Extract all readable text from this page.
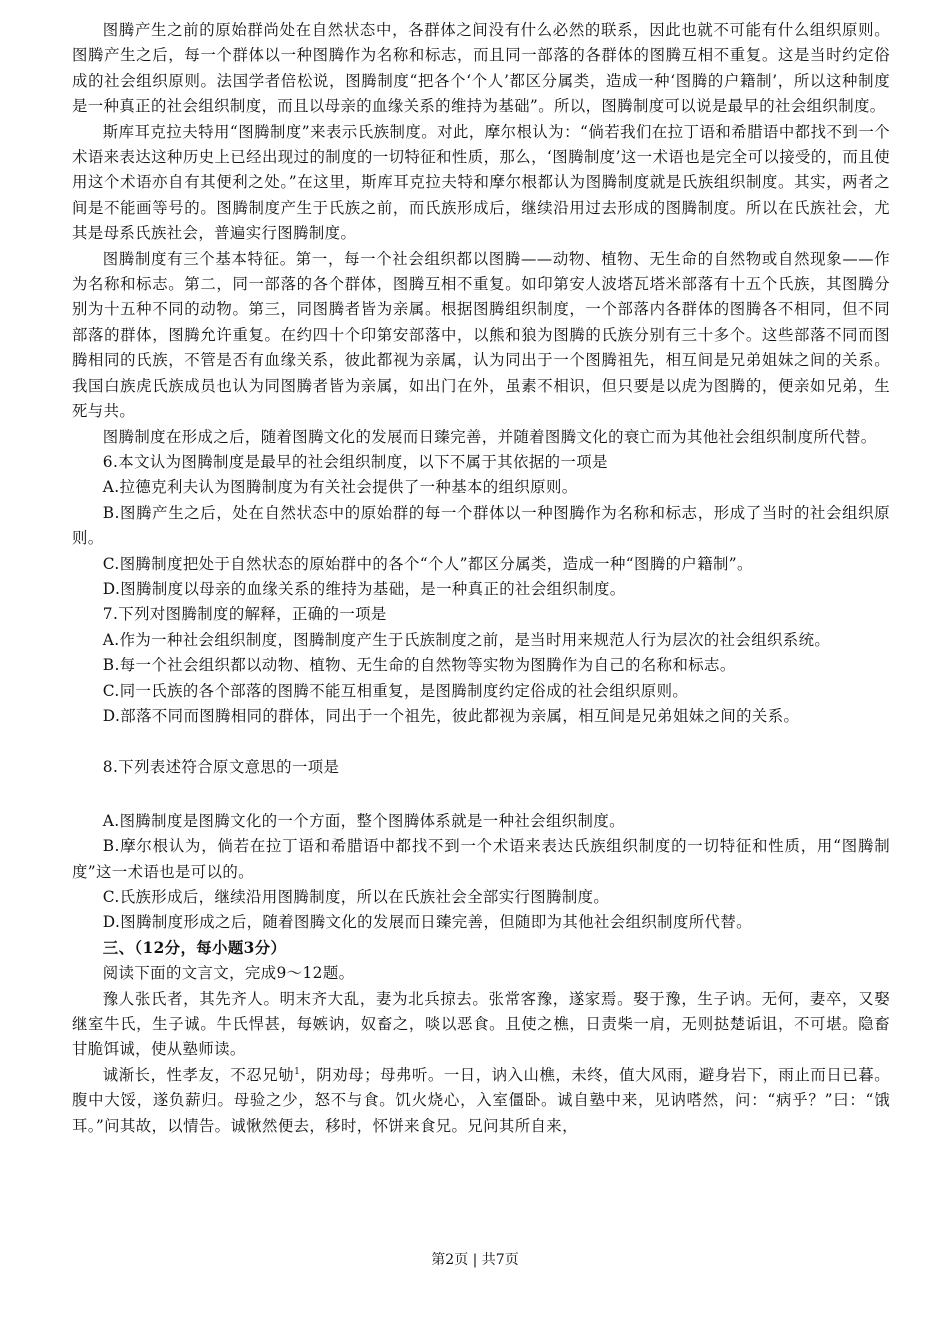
图腾产生之前的原始群尚处在自然状态中，各群体之间没有什么必然的联系，因此也就不可能有什么组织原则。图腾产生之后，每一个群体以一种图腾作为名称和标志，而且同一部落的各群体的图腾互相不重复。这是当时约定俗成的社会组织原则。法国学者倍松说，图腾制度“把各个‘个人’都区分属类，造成一种‘图腾的户籍制’，所以这种制度是一种真正的社会组织制度，而且以母亲的血缘关系的维持为基础”。所以，图腾制度可以说是最早的社会组织制度。

斯库耳克拉夫特用“图腾制度”来表示氏族制度。对此，摩尔根认为：“倘若我们在拉丁语和希腊语中都找不到一个术语来表达这种历史上已经出现过的制度的一切特征和性质，那么，‘图腾制度’这一术语也是完全可以接受的，而且使用这个术语亦自有其便利之处。”在这里，斯库耳克拉夫特和摩尔根都认为图腾制度就是氏族组织制度。其实，两者之间是不能画等号的。图腾制度产生于氏族之前，而氏族形成后，继续沿用过去形成的图腾制度。所以在氏族社会，尤其是母系氏族社会，普遍实行图腾制度。

图腾制度有三个基本特征。第一，每一个社会组织都以图腾——动物、植物、无生命的自然物或自然现象——作为名称和标志。第二，同一部落的各个群体，图腾互相不重复。如印第安人波塔瓦塔米部落有十五个氏族，其图腾分别为十五种不同的动物。第三，同图腾者皆为亲属。根据图腾组织制度，一个部落内各群体的图腾各不相同，但不同部落的群体，图腾允许重复。在约四十个印第安部落中，以熊和狼为图腾的氏族分别有三十多个。这些部落不同而图腾相同的氏族，不管是否有血缘关系，彼此都视为亲属，认为同出于一个图腾祖先，相互间是兄弟姐妹之间的关系。我国白族虎氏族成员也认为同图腾者皆为亲属，如出门在外，虽素不相识，但只要是以虎为图腾的，便亲如兄弟，生死与共。

图腾制度在形成之后，随着图腾文化的发展而日臻完善，并随着图腾文化的衰亡而为其他社会组织制度所代替。

6.本文认为图腾制度是最早的社会组织制度，以下不属于其依据的一项是

A.拉德克利夫认为图腾制度为有关社会提供了一种基本的组织原则。

B.图腾产生之后，处在自然状态中的原始群的每一个群体以一种图腾作为名称和标志，形成了当时的社会组织原则。

C.图腾制度把处于自然状态的原始群中的各个“个人”都区分属类，造成一种“图腾的户籍制”。

D.图腾制度以母亲的血缘关系的维持为基础，是一种真正的社会组织制度。

7.下列对图腾制度的解释，正确的一项是

A.作为一种社会组织制度，图腾制度产生于氏族制度之前，是当时用来规范人行为层次的社会组织系统。

B.每一个社会组织都以动物、植物、无生命的自然物等实物为图腾作为自己的名称和标志。

C.同一氏族的各个部落的图腾不能互相重复，是图腾制度约定俗成的社会组织原则。

D.部落不同而图腾相同的群体，同出于一个祖先，彼此都视为亲属，相互间是兄弟姐妹之间的关系。

8.下列表述符合原文意思的一项是

A.图腾制度是图腾文化的一个方面，整个图腾体系就是一种社会组织制度。

B.摩尔根认为，倘若在拉丁语和希腊语中都找不到一个术语来表达氏族组织制度的一切特征和性质，用“图腾制度”这一术语也是可以的。

C.氏族形成后，继续沿用图腾制度，所以在氏族社会全部实行图腾制度。

D.图腾制度形成之后，随着图腾文化的发展而日臻完善，但随即为其他社会组织制度所代替。

三、（12分，每小题3分）

阅读下面的文言文，完成9～12题。

豫人张氏者，其先齐人。明末齐大乱，妻为北兵掠去。张常客豫，遂家焉。娶于豫，生子讷。无何，妻卒，又娶继室牛氏，生子诚。牛氏悍甚，每嫉讷，奴畜之，啖以恶食。且使之樵，日责柴一肩，无则挞楚诟诅，不可堪。隐畜甘脆饵诚，使从塾师读。

诚渐长，性孝友，不忍兄劬$^1$，阴劝母；母弗听。一日，讷入山樵，未终，值大风雨，避身岩下，雨止而日已暮。腹中大馁，遂负薪归。母验之少，怒不与食。饥火烧心，入室僵卧。诚自塾中来，见讷嗒然，问：“病乎？”曰：“饿耳。”问其故，以情告。诚愀然便去，移时，怀饼来食兄。兄问其所自来，

第2页 | 共7页
